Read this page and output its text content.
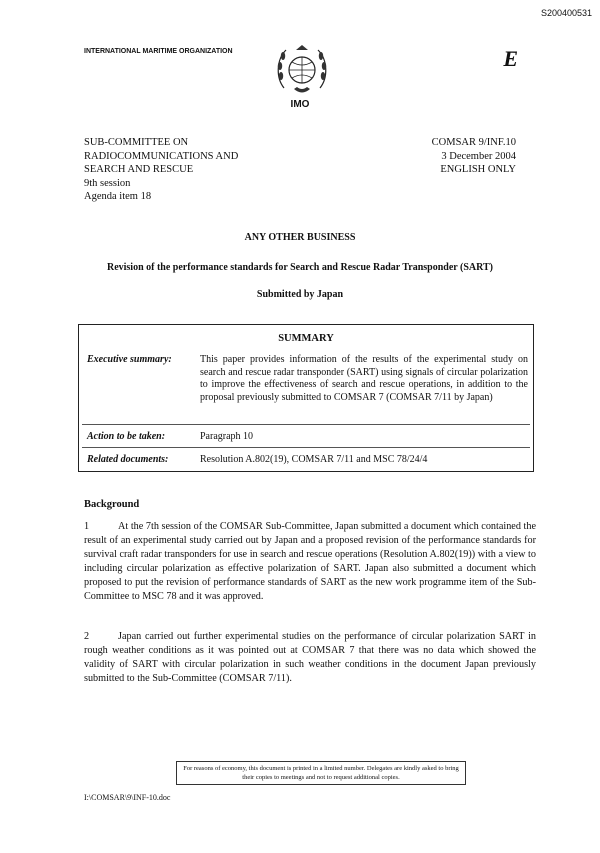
S200400531
INTERNATIONAL MARITIME ORGANIZATION	E
IMO
SUB-COMMITTEE ON
RADIOCOMMUNICATIONS AND
SEARCH AND RESCUE
9th session
Agenda item 18
COMSAR 9/INF.10
3 December 2004
ENGLISH ONLY
ANY OTHER BUSINESS
Revision of the performance standards for Search and Rescue Radar Transponder (SART)
Submitted by Japan
SUMMARY
Executive summary:	This paper provides information of the results of the experimental study on search and rescue radar transponder (SART) using signals of circular polarization to improve the effectiveness of search and rescue operations, in addition to the proposal previously submitted to COMSAR 7 (COMSAR 7/11 by Japan)
Action to be taken:	Paragraph 10
Related documents:	Resolution A.802(19), COMSAR 7/11 and MSC 78/24/4
Background
1	At the 7th session of the COMSAR Sub-Committee, Japan submitted a document which contained the result of an experimental study carried out by Japan and a proposed revision of the performance standards for survival craft radar transponders for use in search and rescue operations (Resolution A.802(19)) with a view to including circular polarization as effective polarization of SART. Japan also submitted a document which proposed to put the revision of performance standards of SART as the new work programme item of the Sub-Committee to MSC 78 and it was approved.
2	Japan carried out further experimental studies on the performance of circular polarization SART in rough weather conditions as it was pointed out at COMSAR 7 that there was no data which showed the validity of SART with circular polarization in such weather conditions in the document Japan previously submitted to the Sub-Committee (COMSAR 7/11).
For reasons of economy, this document is printed in a limited number. Delegates are kindly asked to bring their copies to meetings and not to request additional copies.
I:\COMSAR\9\INF-10.doc
